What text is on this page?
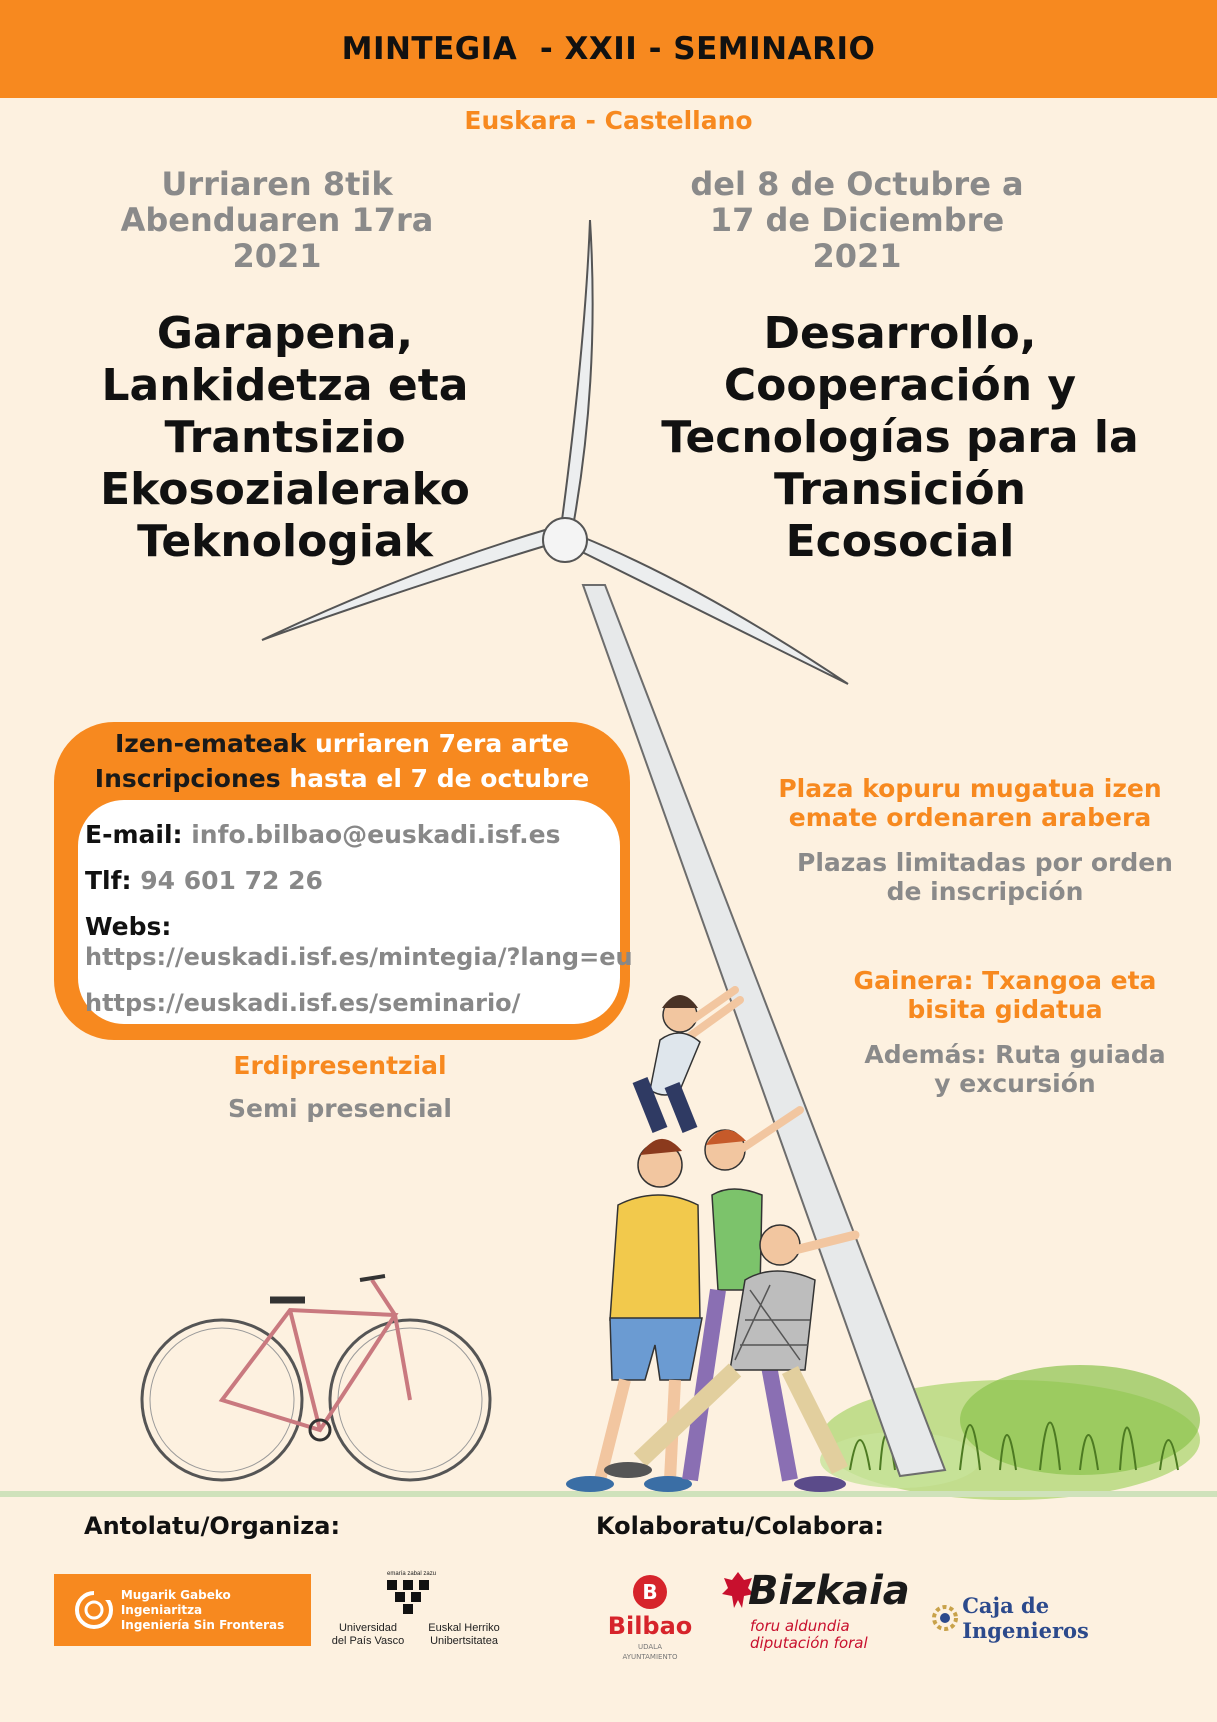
MINTEGIA  - XXII - SEMINARIO
Euskara - Castellano
Urriaren 8tik
Abenduaren 17ra
2021
del 8 de Octubre a
17 de Diciembre
2021
Garapena,
Lankidetza eta
Trantsizio
Ekosozialerako
Teknologiak
Desarrollo,
Cooperación y
Tecnologías para la
Transición
Ecosocial
Izen-emateak urriaren 7era arte
Inscripciones hasta el 7 de octubre
E-mail: info.bilbao@euskadi.isf.es
Tlf: 94 601 72 26
Webs:
https://euskadi.isf.es/mintegia/?lang=eu
https://euskadi.isf.es/seminario/
Erdipresentzial
Semi presencial
Plaza kopuru mugatua izen
emate ordenaren arabera
Plazas limitadas por orden
de inscripción
Gainera: Txangoa eta
bisita gidatua
Además: Ruta guiada
y excursión
Antolatu/Organiza:	Kolaboratu/Colabora:
Mugarik Gabeko Ingeniaritza
Ingeniería Sin Fronteras
emaría zabal zazu
Universidad
del País Vasco
Euskal Herriko
Unibertsitatea
B
Bilbao
UDALA
AYUNTAMIENTO
Bizkaia
foru aldundia
diputación foral
Caja de Ingenieros
